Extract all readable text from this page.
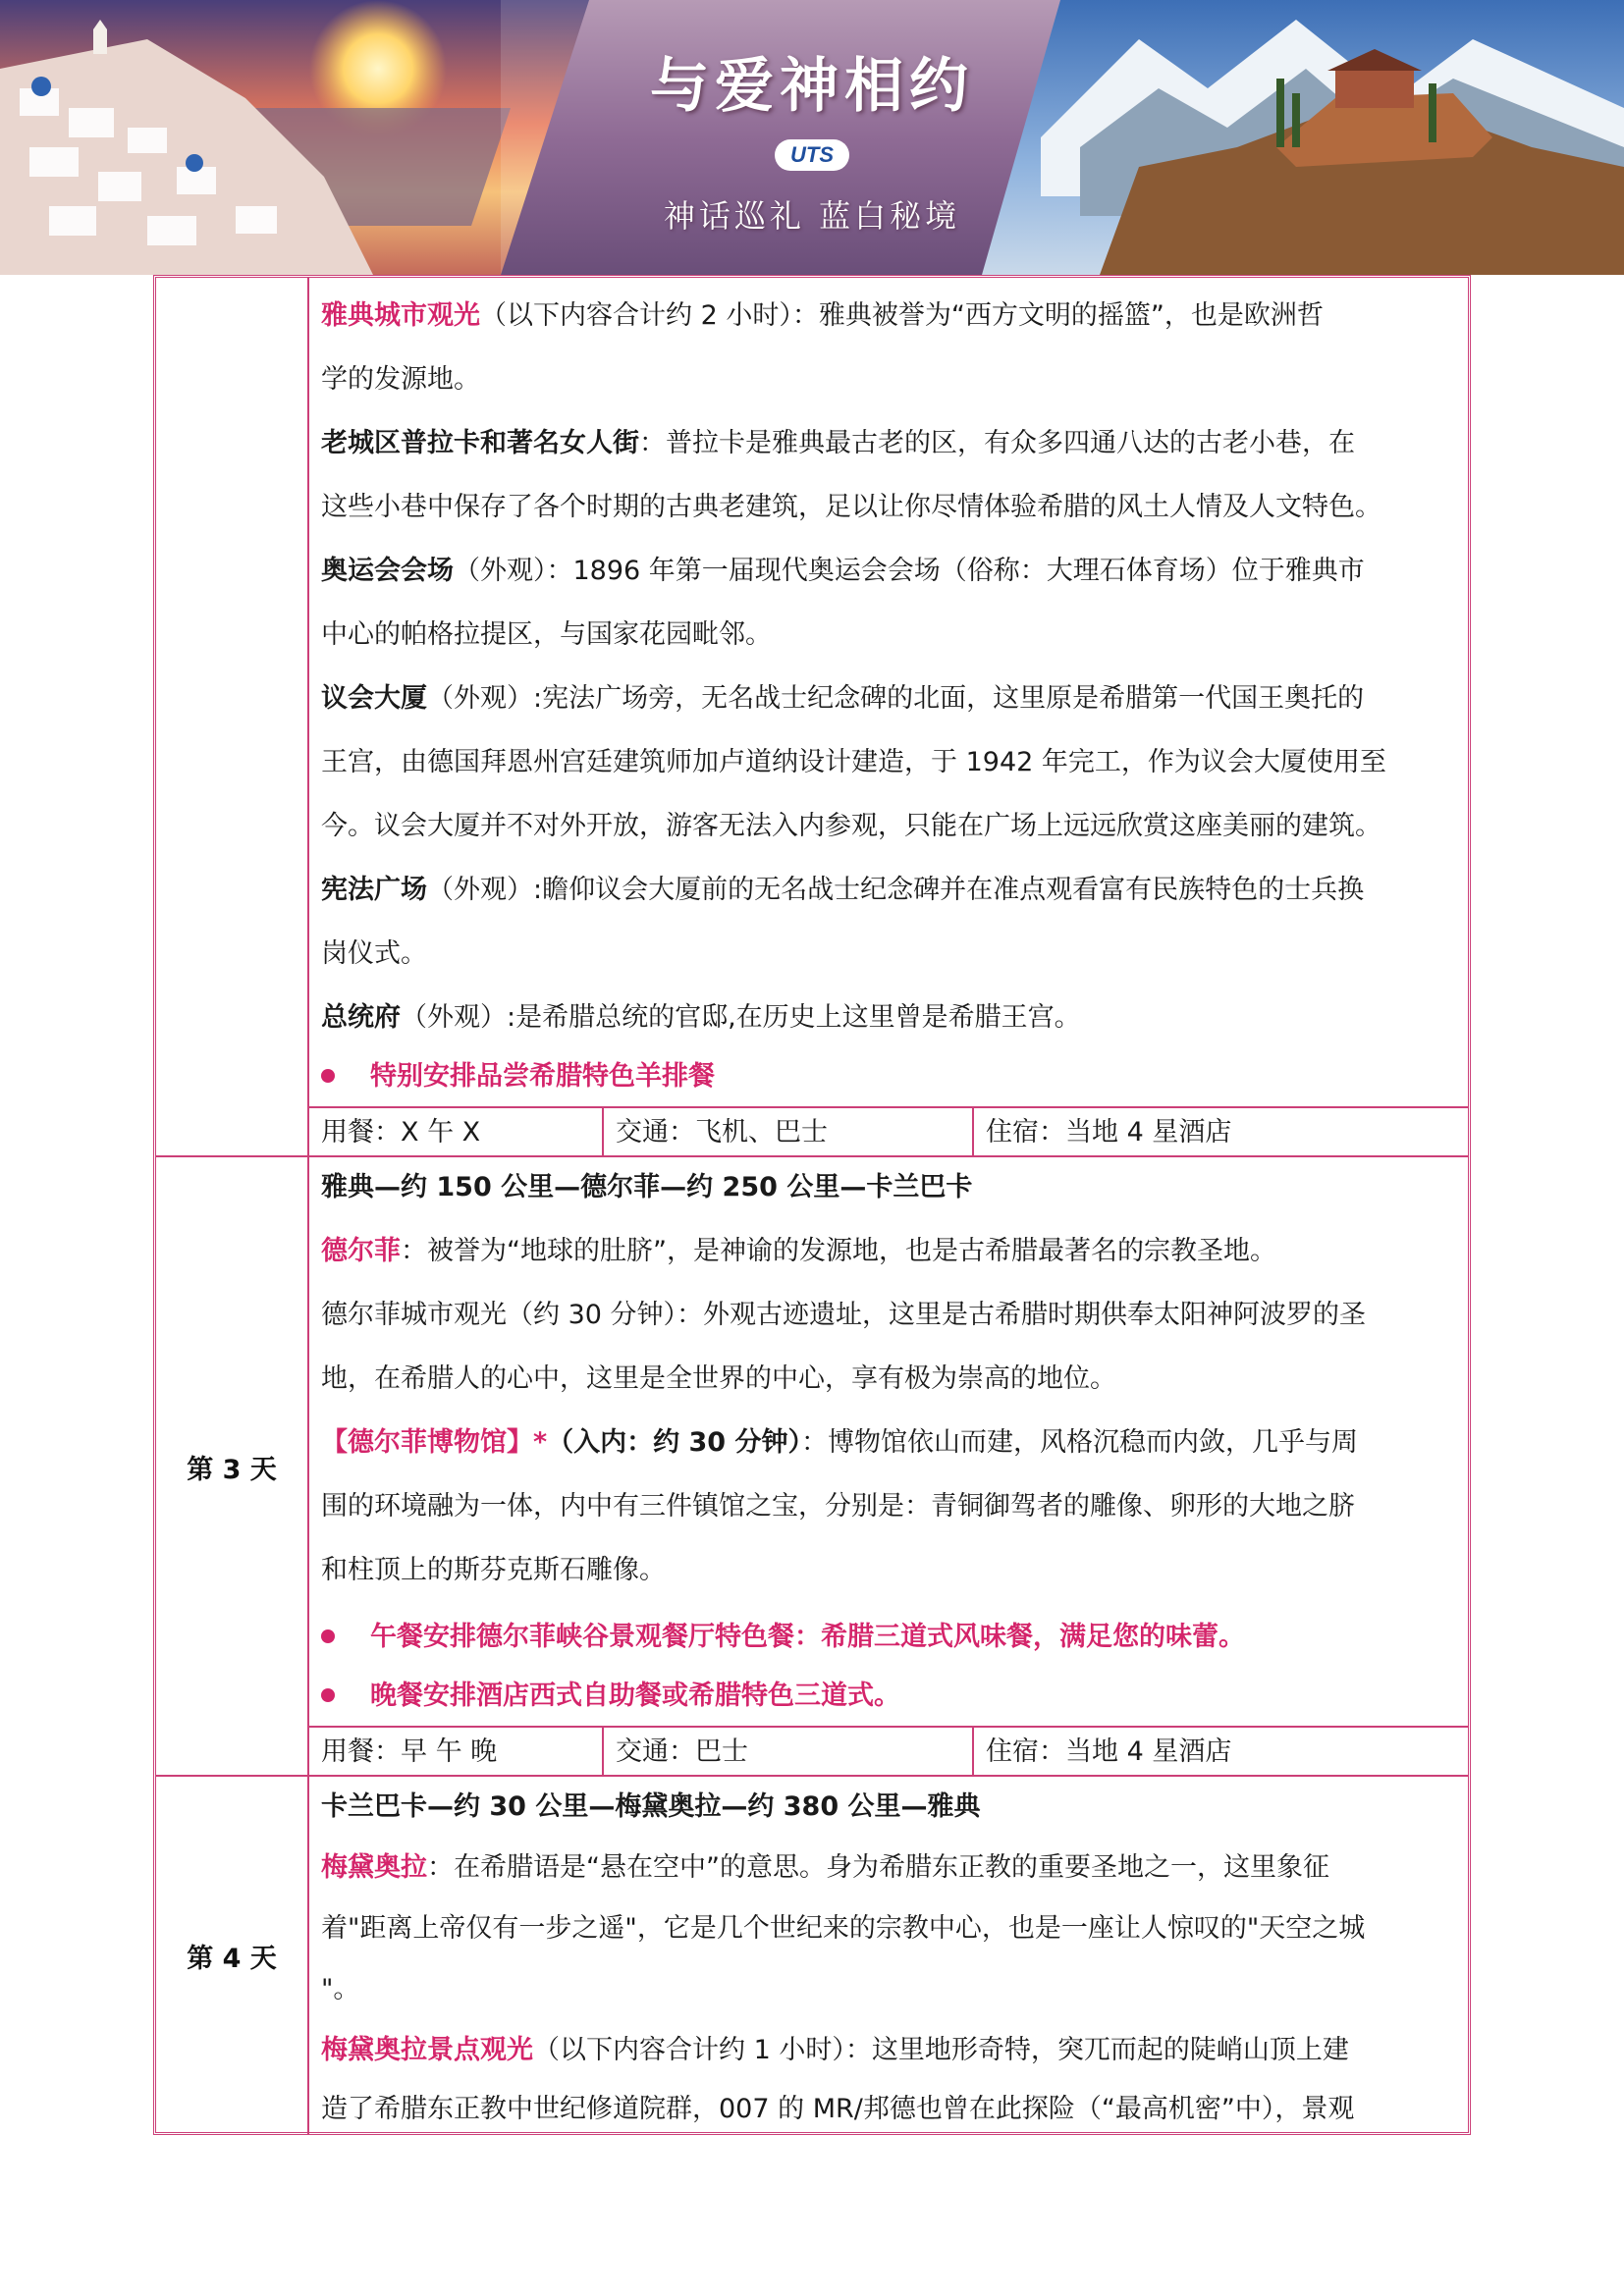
与爱神相约
UTS
神话巡礼 蓝白秘境
雅典城市观光（以下内容合计约 2 小时）：雅典被誉为“西方文明的摇篮”，也是欧洲哲
学的发源地。
老城区普拉卡和著名女人街：普拉卡是雅典最古老的区，有众多四通八达的古老小巷，在
这些小巷中保存了各个时期的古典老建筑，足以让你尽情体验希腊的风土人情及人文特色。
奥运会会场（外观）：1896 年第一届现代奥运会会场（俗称：大理石体育场）位于雅典市
中心的帕格拉提区，与国家花园毗邻。
议会大厦（外观）:宪法广场旁，无名战士纪念碑的北面，这里原是希腊第一代国王奥托的
王宫，由德国拜恩州宫廷建筑师加卢道纳设计建造，于 1942 年完工，作为议会大厦使用至
今。议会大厦并不对外开放，游客无法入内参观，只能在广场上远远欣赏这座美丽的建筑。
宪法广场（外观）:瞻仰议会大厦前的无名战士纪念碑并在准点观看富有民族特色的士兵换
岗仪式。
总统府（外观）:是希腊总统的官邸,在历史上这里曾是希腊王宫。
特别安排品尝希腊特色羊排餐
用餐：X 午 X	交通：飞机、巴士	住宿：当地 4 星酒店
第 3 天
雅典—约 150 公里—德尔菲—约 250 公里—卡兰巴卡
德尔菲：被誉为“地球的肚脐”，是神谕的发源地，也是古希腊最著名的宗教圣地。
德尔菲城市观光（约 30 分钟）：外观古迹遗址，这里是古希腊时期供奉太阳神阿波罗的圣
地，在希腊人的心中，这里是全世界的中心，享有极为崇高的地位。
【德尔菲博物馆】*（入内：约 30 分钟）：博物馆依山而建，风格沉稳而内敛，几乎与周
围的环境融为一体，内中有三件镇馆之宝，分别是：青铜御驾者的雕像、卵形的大地之脐
和柱顶上的斯芬克斯石雕像。
午餐安排德尔菲峡谷景观餐厅特色餐：希腊三道式风味餐，满足您的味蕾。
晚餐安排酒店西式自助餐或希腊特色三道式。
用餐：早 午 晚	交通：巴士	住宿：当地 4 星酒店
第 4 天
卡兰巴卡—约 30 公里—梅黛奥拉—约 380 公里—雅典
梅黛奥拉：在希腊语是“悬在空中”的意思。身为希腊东正教的重要圣地之一，这里象征
着"距离上帝仅有一步之遥"，它是几个世纪来的宗教中心，也是一座让人惊叹的"天空之城
"。
梅黛奥拉景点观光（以下内容合计约 1 小时）：这里地形奇特，突兀而起的陡峭山顶上建
造了希腊东正教中世纪修道院群，007 的 MR/邦德也曾在此探险（“最高机密”中），景观
